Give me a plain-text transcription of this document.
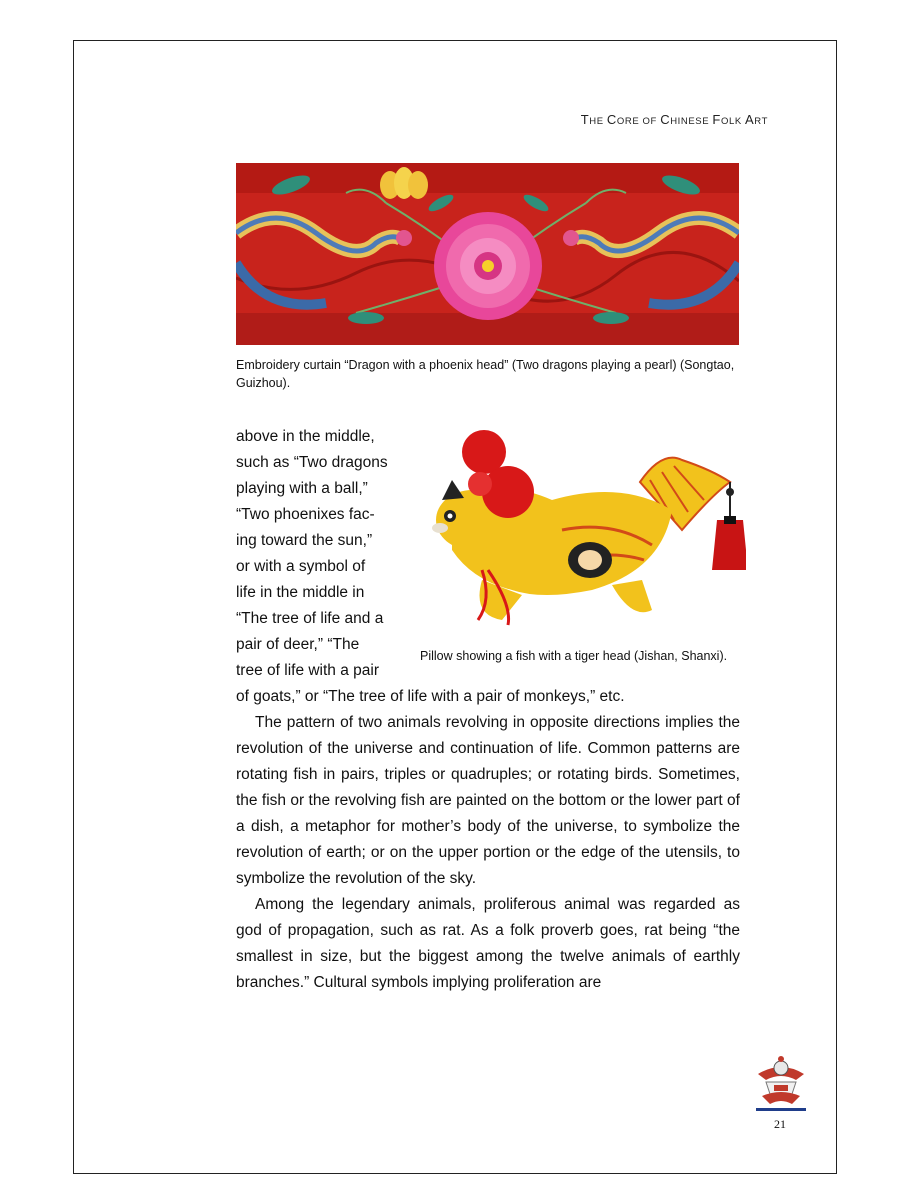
THE CORE OF CHINESE FOLK ART
Embroidery curtain “Dragon with a phoenix head” (Two dragons playing a pearl) (Songtao, Guizhou).
Pillow showing a fish with a tiger head (Jishan, Shanxi).

above in the middle,

such as “Two dragons

playing with a ball,”

“Two phoenixes fac-

ing toward the sun,”

or with a symbol of

life in the middle in

“The tree of life and a

pair of deer,” “The

tree of life with a pair

of goats,” or “The tree of life with a pair of monkeys,” etc.

The pattern of two animals revolving in opposite directions implies the revolution of the universe and continuation of life. Common patterns are rotating fish in pairs, triples or quadruples; or rotating birds. Sometimes, the fish or the revolving fish are painted on the bottom or the lower part of a dish, a metaphor for mother’s body of the universe, to symbolize the revolution of earth; or on the upper portion or the edge of the utensils, to symbolize the revolution of the sky.

Among the legendary animals, proliferous animal was regarded as god of propagation, such as rat. As a folk proverb goes, rat being “the smallest in size, but the biggest among the twelve animals of earthly branches.” Cultural symbols implying proliferation are

21
